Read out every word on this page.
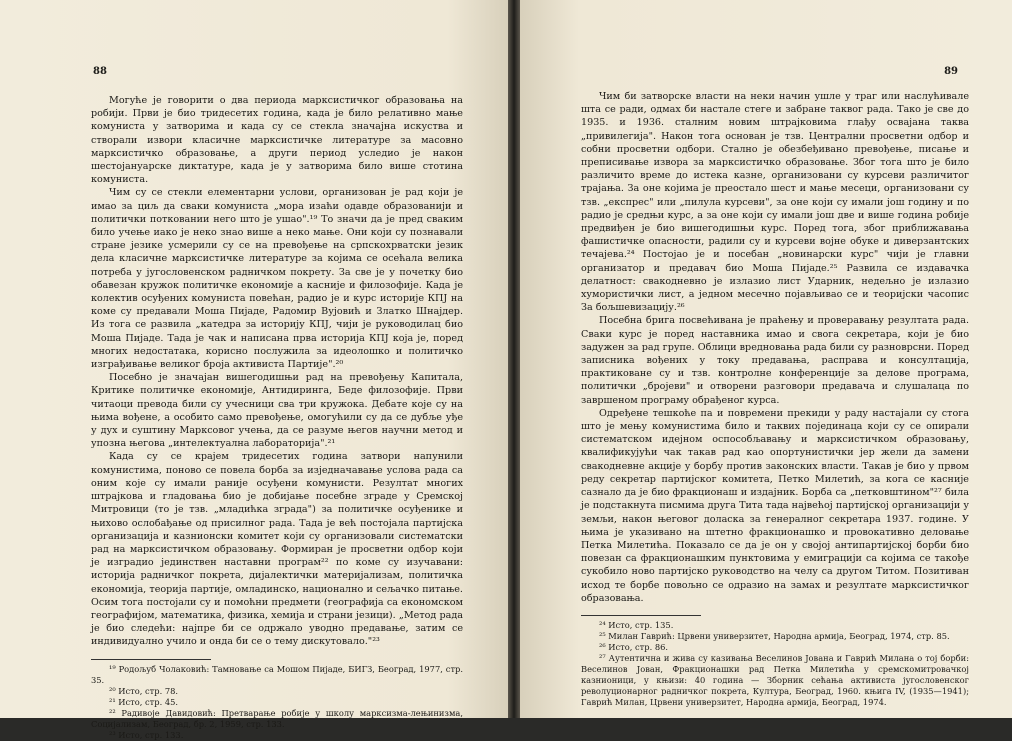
88

Могуће је говорити о два периода марксистичког образовања на робији. Први је био тридесетих година, када је било релативно мање комуниста у затворима и када су се стекла значајна искуства и створали извори класичне марксистичке литературе за масовно марксистичко образовање, а други период уследио је након шестојануарске диктатуре, када је у затворима било више стотина комуниста.

Чим су се стекли елементарни услови, организован је рад који је имао за циљ да сваки комуниста „мора изаћи одавде образованији и политички потковании него што је ушао".¹⁹ То значи да је пред сваким било учење иако је неко знао више а неко мање. Они који су познавали стране језике усмерили су се на превођење на српскохрватски језик дела класичне марксистичке литературе за којима се осећала велика потреба у југословенском радничком покрету. За све је у почетку био обавезан кружок политичке економије а касније и филозофије. Када је колектив осуђених комуниста повећан, радио је и курс историје КПЈ на коме су предавали Моша Пијаде, Радомир Вујовић и Златко Шнајдер. Из тога се развила „катедра за историју КПЈ, чији је руководилац био Моша Пијаде. Тада је чак и написана прва историја КПЈ која је, поред многих недостатака, корисно послужила за идеолошко и политичко изграђивање великог броја активиста Партије".²⁰

Посебно је значајан вишегодишњи рад на превођењу Капитала, Критике политичке економије, Антидиринга, Беде филозофије. Први читаоци превода били су учесници сва три кружока. Дебате које су на њима вођене, а особито само превођење, омогућили су да се дубље уђе у дух и суштину Марксовог учења, да се разуме његов научни метод и упозна његова „интелектуална лабораторија".²¹

Када су се крајем тридесетих година затвори напунили комунистима, поново се повела борба за изједначавање услова рада са оним које су имали раније осуђени комунисти. Резултат многих штрајкова и гладовања био је добијање посебне зграде у Сремској Митровици (то је тзв. „младићка зграда") за политичке осуђенике и њихово ослобађање од присилног рада. Тада је већ постојала партијска организација и казнионски комитет који су организовали систематски рад на марксистичком образовању. Формиран је просветни одбор који је изградио јединствен наставни програм²² по коме су изучавани: историја радничког покрета, дијалектички материјализам, политичка економија, теорија партије, омладинско, национално и сељачко питање. Осим тога постојали су и помоћни предмети (географија са економском географијом, математика, физика, хемија и страни језици). „Метод рада је био следећи: најпре би се одржало уводно предавање, затим се индивидуално учило и онда би се о тему дискутовало."²³

¹⁹ Родољуб Чолаковић: Тамновање са Мошом Пијаде, БИГЗ, Београд, 1977, стр. 35.

²⁰ Исто, стр. 78.

²¹ Исто, стр. 45.

²² Радивоје Давидовић: Претварање робије у школу марксизма-лењинизма, Социјализам, Београд, бр. 2, 1959, стр. 133.

²³ Исто, стр. 133.

89

Чим би затворске власти на неки начин ушле у траг или наслућивале шта се ради, одмах би настале стеге и забране таквог рада. Тако је све до 1935. и 1936. сталним новим штрајковима глађу освајана таква „привилегија". Након тога основан је тзв. Централни просветни одбор и собни просветни одбори. Стално је обезбеђивано превођење, писање и преписивање извора за марксистичко образовање. Због тога што је било различито време до истека казне, организовани су курсеви различитог трајања. За оне којима је преостало шест и мање месеци, организовани су тзв. „експрес" или „пилула курсеви", за оне који су имали још годину и по радио је средњи курс, а за оне који су имали још две и више година робије предвиђен је био вишегодишњи курс. Поред тога, због приближавања фашистичке опасности, радили су и курсеви војне обуке и диверзантских течајева.²⁴ Постојао је и посебан „новинарски курс" чији је главни организатор и предавач био Моша Пијаде.²⁵ Развила се издавачка делатност: свакодневно је излазио лист Ударник, недељно је излазио хумористички лист, а једном месечно појављивао се и теоријски часопис За бољшевизацију.²⁶

Посебна брига посвећивана је праћењу и проверавању резултата рада. Сваки курс је поред наставника имао и свога секретара, који је био задужен за рад групе. Облици вредновања рада били су разноврсни. Поред записника вођених у току предавања, расправа и консултација, практиковане су и тзв. контролне конференције за делове програма, политички „бројеви" и отворени разговори предавача и слушалаца по завршеном програму обрађеног курса.

Одређене тешкоће па и повремени прекиди у раду настајали су стога што је мењу комунистима било и таквих појединаца који су се опирали систематском идејном оспособљавању и марксистичком образовању, квалификујући чак такав рад као опортунистички јер жели да замени свакодневне акције у борбу против законских власти. Такав је био у првом реду секретар партијског комитета, Петко Милетић, за кога се касније сазнало да је био фракционаш и издајник. Борба са „петковштином"²⁷ била је подстакнута писмима друга Тита тада највећој партијској организацији у земљи, након његовог доласка за генералног секретара 1937. године. У њима је указивано на штетно фракционашко и провокативно деловање Петка Милетића. Показало се да је он у својој антипартијској борби био повезан са фракционашким пунктовима у емиграцији са којима се такође сукобило ново партијско руководство на челу са другом Титом. Позитиван исход те борбе повољно се одразио на замах и резултате марксистичког образовања.

²⁴ Исто, стр. 135.

²⁵ Милан Гаврић: Црвени универзитет, Народна армија, Београд, 1974, стр. 85.

²⁶ Исто, стр. 86.

²⁷ Аутентична и жива су казивања Веселинов Јована и Гаврић Милана о тој борби: Веселинов Јован, Фракционашки рад Петка Милетића у сремскомитровачкој казнионици, у књизи: 40 година — Зборник сећања активиста југословенског револуционарног радничког покрета, Култура, Београд, 1960. књига IV, (1935—1941); Гаврић Милан, Црвени универзитет, Народна армија, Београд, 1974.
